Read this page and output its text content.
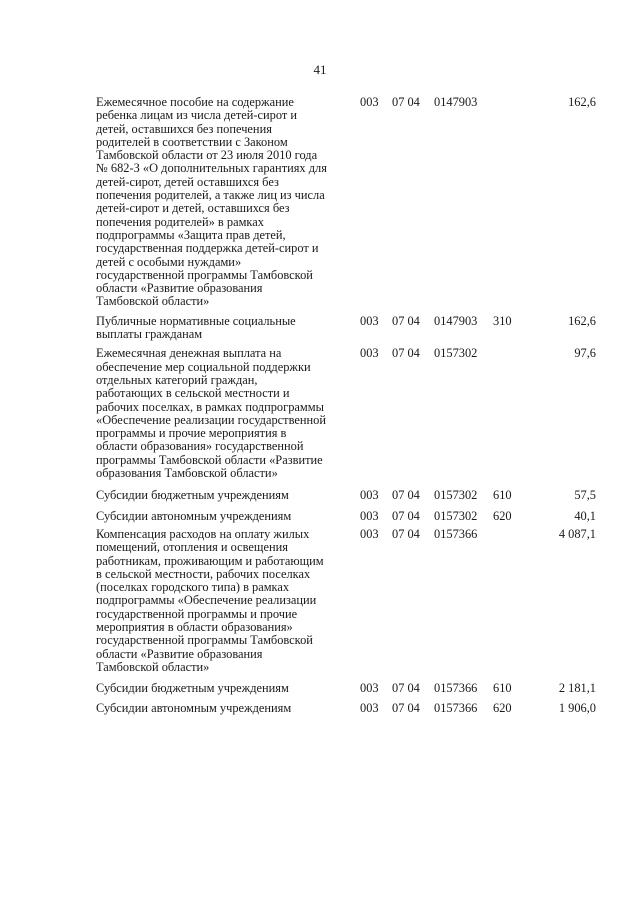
41
Ежемесячное пособие на содержание
ребенка лицам из числа детей-сирот и
детей, оставшихся без попечения
родителей в соответствии с Законом
Тамбовской области от 23 июля 2010 года
№ 682-З «О дополнительных гарантиях для
детей-сирот, детей оставшихся без
попечения родителей, а также лиц из числа
детей-сирот и детей, оставшихся без
попечения родителей» в рамках
подпрограммы «Защита прав детей,
государственная поддержка детей-сирот и
детей с особыми нуждами»
государственной программы Тамбовской
области «Развитие образования
Тамбовской области»
003 07 04 0147903	162,6
Публичные нормативные социальные
выплаты гражданам
003 07 04 0147903 310	162,6
Ежемесячная денежная выплата на
обеспечение мер социальной поддержки
отдельных категорий граждан,
работающих в сельской местности и
рабочих поселках, в рамках подпрограммы
«Обеспечение реализации государственной
программы и прочие мероприятия в
области образования» государственной
программы Тамбовской области «Развитие
образования Тамбовской области»
003 07 04 0157302	97,6
Субсидии бюджетным учреждениям	003 07 04 0157302 610	57,5
Субсидии автономным учреждениям	003 07 04 0157302 620	40,1
Компенсация расходов на оплату жилых
помещений, отопления и освещения
работникам, проживающим и работающим
в сельской местности, рабочих поселках
(поселках городского типа) в рамках
подпрограммы «Обеспечение реализации
государственной программы и прочие
мероприятия в области образования»
государственной программы Тамбовской
области «Развитие образования
Тамбовской области»
003 07 04 0157366	4 087,1
Субсидии бюджетным учреждениям	003 07 04 0157366 610	2 181,1
Субсидии автономным учреждениям	003 07 04 0157366 620	1 906,0
